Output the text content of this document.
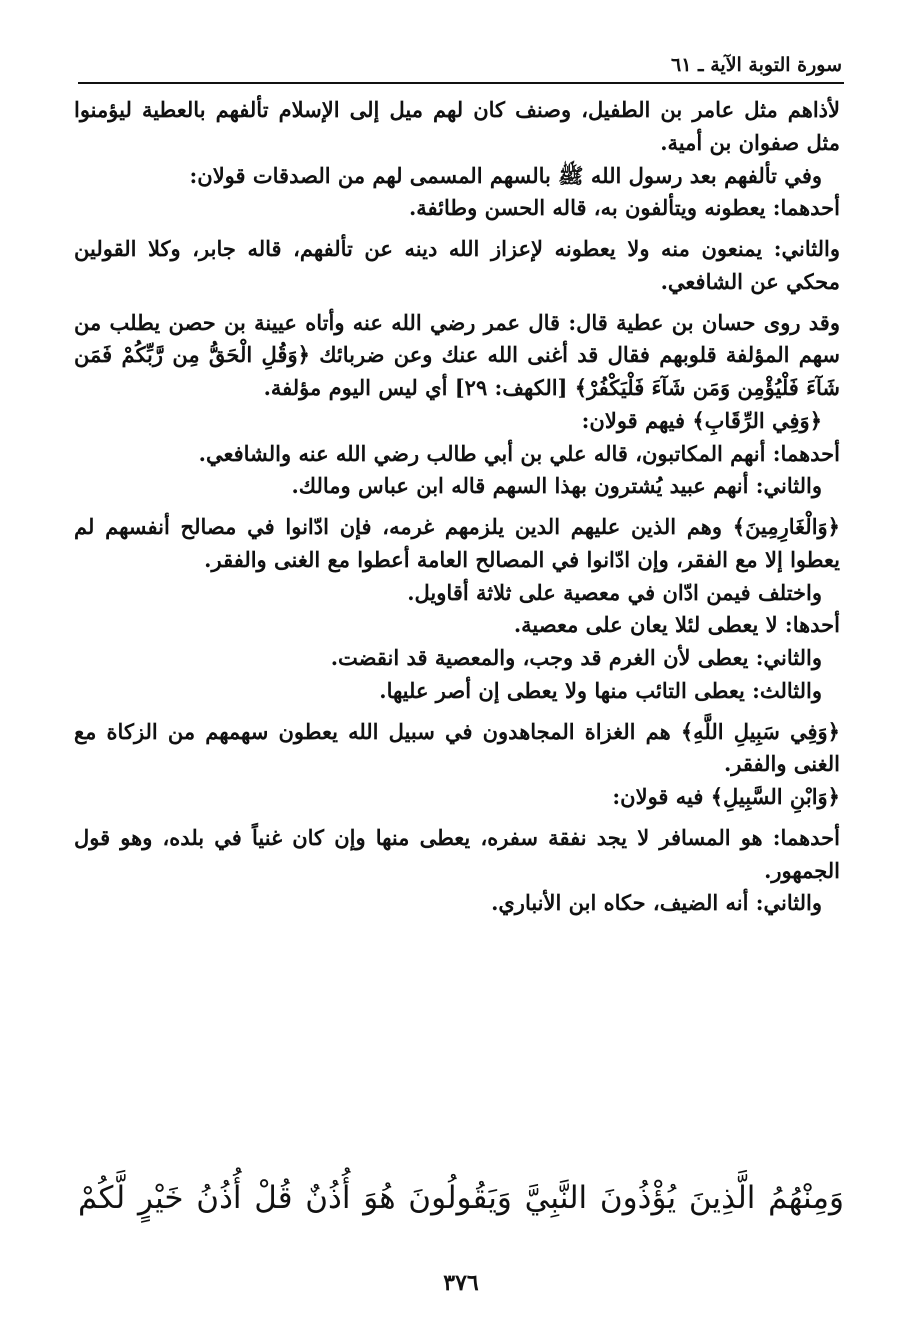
سورة التوبة الآية ـ ٦١

لأذاهم مثل عامر بن الطفيل، وصنف كان لهم ميل إلى الإسلام تألفهم بالعطية ليؤمنوا مثل صفوان بن أمية.

وفي تألفهم بعد رسول الله ﷺ بالسهم المسمى لهم من الصدقات قولان:

أحدهما: يعطونه ويتألفون به، قاله الحسن وطائفة.

والثاني: يمنعون منه ولا يعطونه لإعزاز الله دينه عن تألفهم، قاله جابر، وكلا القولين محكي عن الشافعي.

وقد روى حسان بن عطية قال: قال عمر رضي الله عنه وأتاه عيينة بن حصن يطلب من سهم المؤلفة قلوبهم فقال قد أغنى الله عنك وعن ضربائك ﴿وَقُلِ الْحَقُّ مِن رَّبِّكُمْ فَمَن شَآءَ فَلْيُؤْمِن وَمَن شَآءَ فَلْيَكْفُرْ﴾ [الكهف: ٢٩] أي ليس اليوم مؤلفة.

﴿وَفِي الرِّقَابِ﴾ فيهم قولان:

أحدهما: أنهم المكاتبون، قاله علي بن أبي طالب رضي الله عنه والشافعي.

والثاني: أنهم عبيد يُشترون بهذا السهم قاله ابن عباس ومالك.

﴿وَالْغَارِمِينَ﴾ وهم الذين عليهم الدين يلزمهم غرمه، فإن ادّانوا في مصالح أنفسهم لم يعطوا إلا مع الفقر، وإن ادّانوا في المصالح العامة أعطوا مع الغنى والفقر.

واختلف فيمن ادّان في معصية على ثلاثة أقاويل.

أحدها: لا يعطى لئلا يعان على معصية.

والثاني: يعطى لأن الغرم قد وجب، والمعصية قد انقضت.

والثالث: يعطى التائب منها ولا يعطى إن أصر عليها.

﴿وَفِي سَبِيلِ اللَّهِ﴾ هم الغزاة المجاهدون في سبيل الله يعطون سهمهم من الزكاة مع الغنى والفقر.

﴿وَابْنِ السَّبِيلِ﴾ فيه قولان:

أحدهما: هو المسافر لا يجد نفقة سفره، يعطى منها وإن كان غنياً في بلده، وهو قول الجمهور.

والثاني: أنه الضيف، حكاه ابن الأنباري.

وَمِنْهُمُ الَّذِينَ يُؤْذُونَ النَّبِيَّ وَيَقُولُونَ هُوَ أُذُنٌ قُلْ أُذُنُ خَيْرٍ لَّكُمْ
٣٧٦
